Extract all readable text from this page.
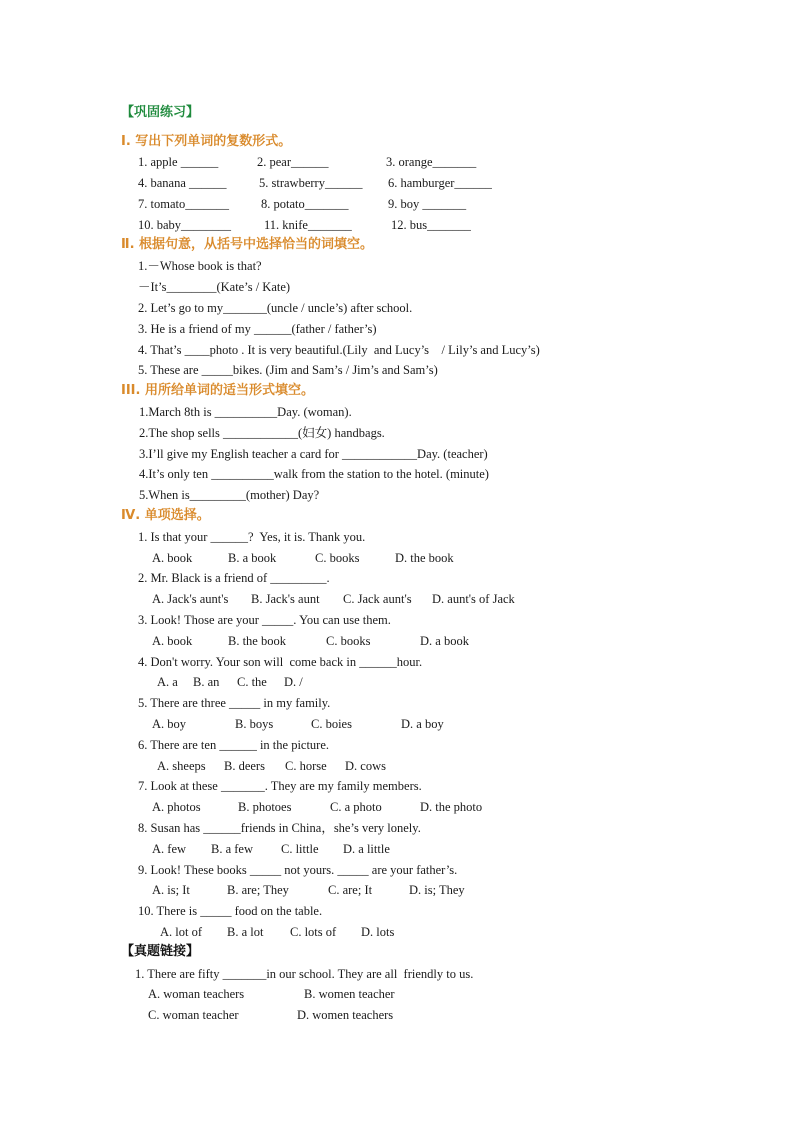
【巩固练习】
Ⅰ. 写出下列单词的复数形式。
1. apple ______	2. pear______	3. orange_______
4. banana ______	5. strawberry______ 6. hamburger______
7. tomato_______	8. potato_______	9. boy _______
10. baby________	11. knife_______	12. bus_______
Ⅱ. 根据句意，从括号中选择恰当的词填空。
1.－Whose book is that?
－It’s________(Kate’s / Kate)
2. Let’s go to my_______(uncle / uncle’s) after school.
3. He is a friend of my ______(father / father’s)
4. That’s ____photo . It is very beautiful.(Lily  and Lucy’s    / Lily’s and Lucy’s)
5. These are _____bikes. (Jim and Sam’s / Jim’s and Sam’s)
III. 用所给单词的适当形式填空。
1.March 8th is __________Day. (woman).
2.The shop sells ____________(妇女) handbags.
3.I’ll give my English teacher a card for ____________Day. (teacher)
4.It’s only ten __________walk from the station to the hotel. (minute)
5.When is_________(mother) Day?
Ⅳ. 单项选择。
1. Is that your ______?  Yes, it is. Thank you.
A. book	B. a book	C. books	D. the book
2. Mr. Black is a friend of _________.
A. Jack's aunt's B. Jack's aunt C. Jack aunt's D. aunt's of Jack
3. Look! Those are your _____. You can use them.
A. book	B. the book	C. books	D. a book
4. Don't worry. Your son will  come back in ______hour.
A. a B. an C. the D. /
5. There are three _____ in my family.
A. boy	B. boys	C. boies	D. a boy
6. There are ten ______ in the picture.
A. sheeps B. deers C. horse D. cows
7. Look at these _______. They are my family members.
A. photos	B. photoes	C. a photo	D. the photo
8. Susan has ______friends in China，she’s very lonely.
A. few B. a few C. little D. a little
9. Look! These books _____ not yours. _____ are your father’s.
A. is; It	B. are; They	C. are; It	D. is; They
10. There is _____ food on the table.
A. lot of B. a lot C. lots of D. lots
【真题链接】
1. There are fifty _______in our school. They are all  friendly to us.
A. woman teachers	B. women teacher
C. woman teacher	D. women teachers
